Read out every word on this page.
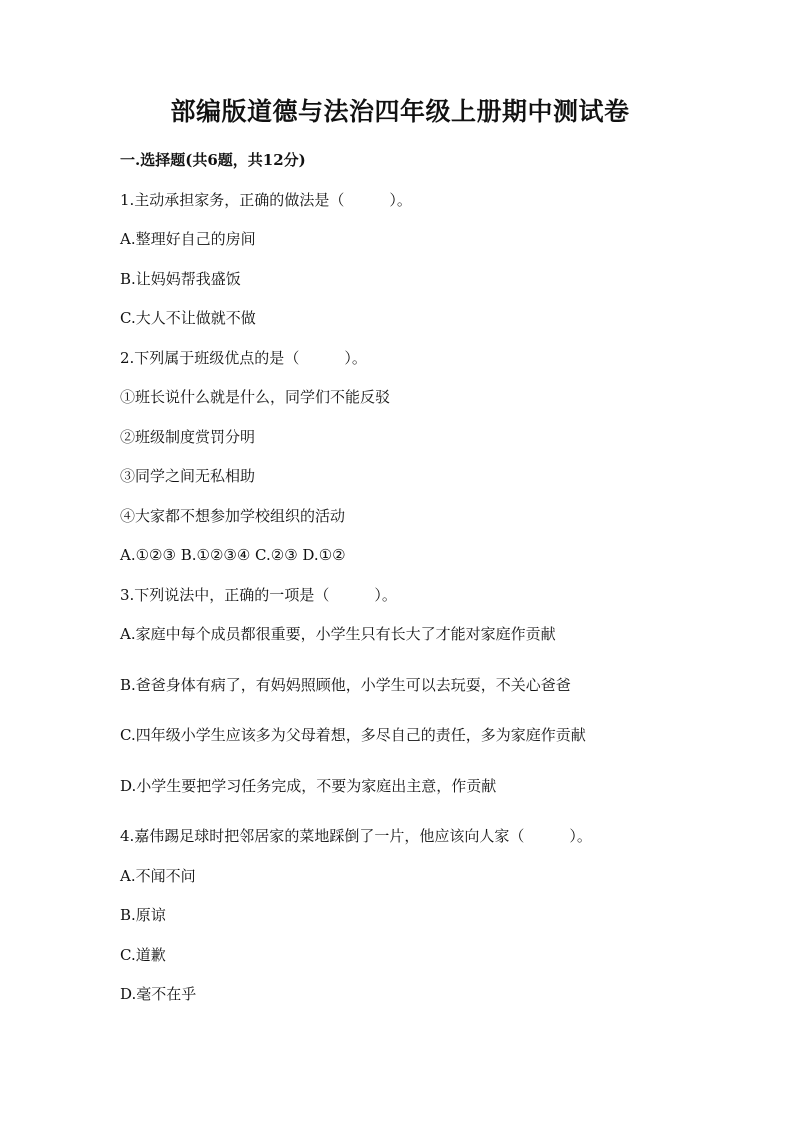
部编版道德与法治四年级上册期中测试卷
一.选择题(共6题，共12分)
1.主动承担家务，正确的做法是（　　　）。
A.整理好自己的房间
B.让妈妈帮我盛饭
C.大人不让做就不做
2.下列属于班级优点的是（　　　）。
①班长说什么就是什么，同学们不能反驳
②班级制度赏罚分明
③同学之间无私相助
④大家都不想参加学校组织的活动
A.①②③ B.①②③④ C.②③ D.①②
3.下列说法中，正确的一项是（　　　）。
A.家庭中每个成员都很重要，小学生只有长大了才能对家庭作贡献
B.爸爸身体有病了，有妈妈照顾他，小学生可以去玩耍，不关心爸爸
C.四年级小学生应该多为父母着想，多尽自己的责任，多为家庭作贡献
D.小学生要把学习任务完成，不要为家庭出主意，作贡献
4.嘉伟踢足球时把邻居家的菜地踩倒了一片，他应该向人家（　　　）。
A.不闻不问
B.原谅
C.道歉
D.毫不在乎
